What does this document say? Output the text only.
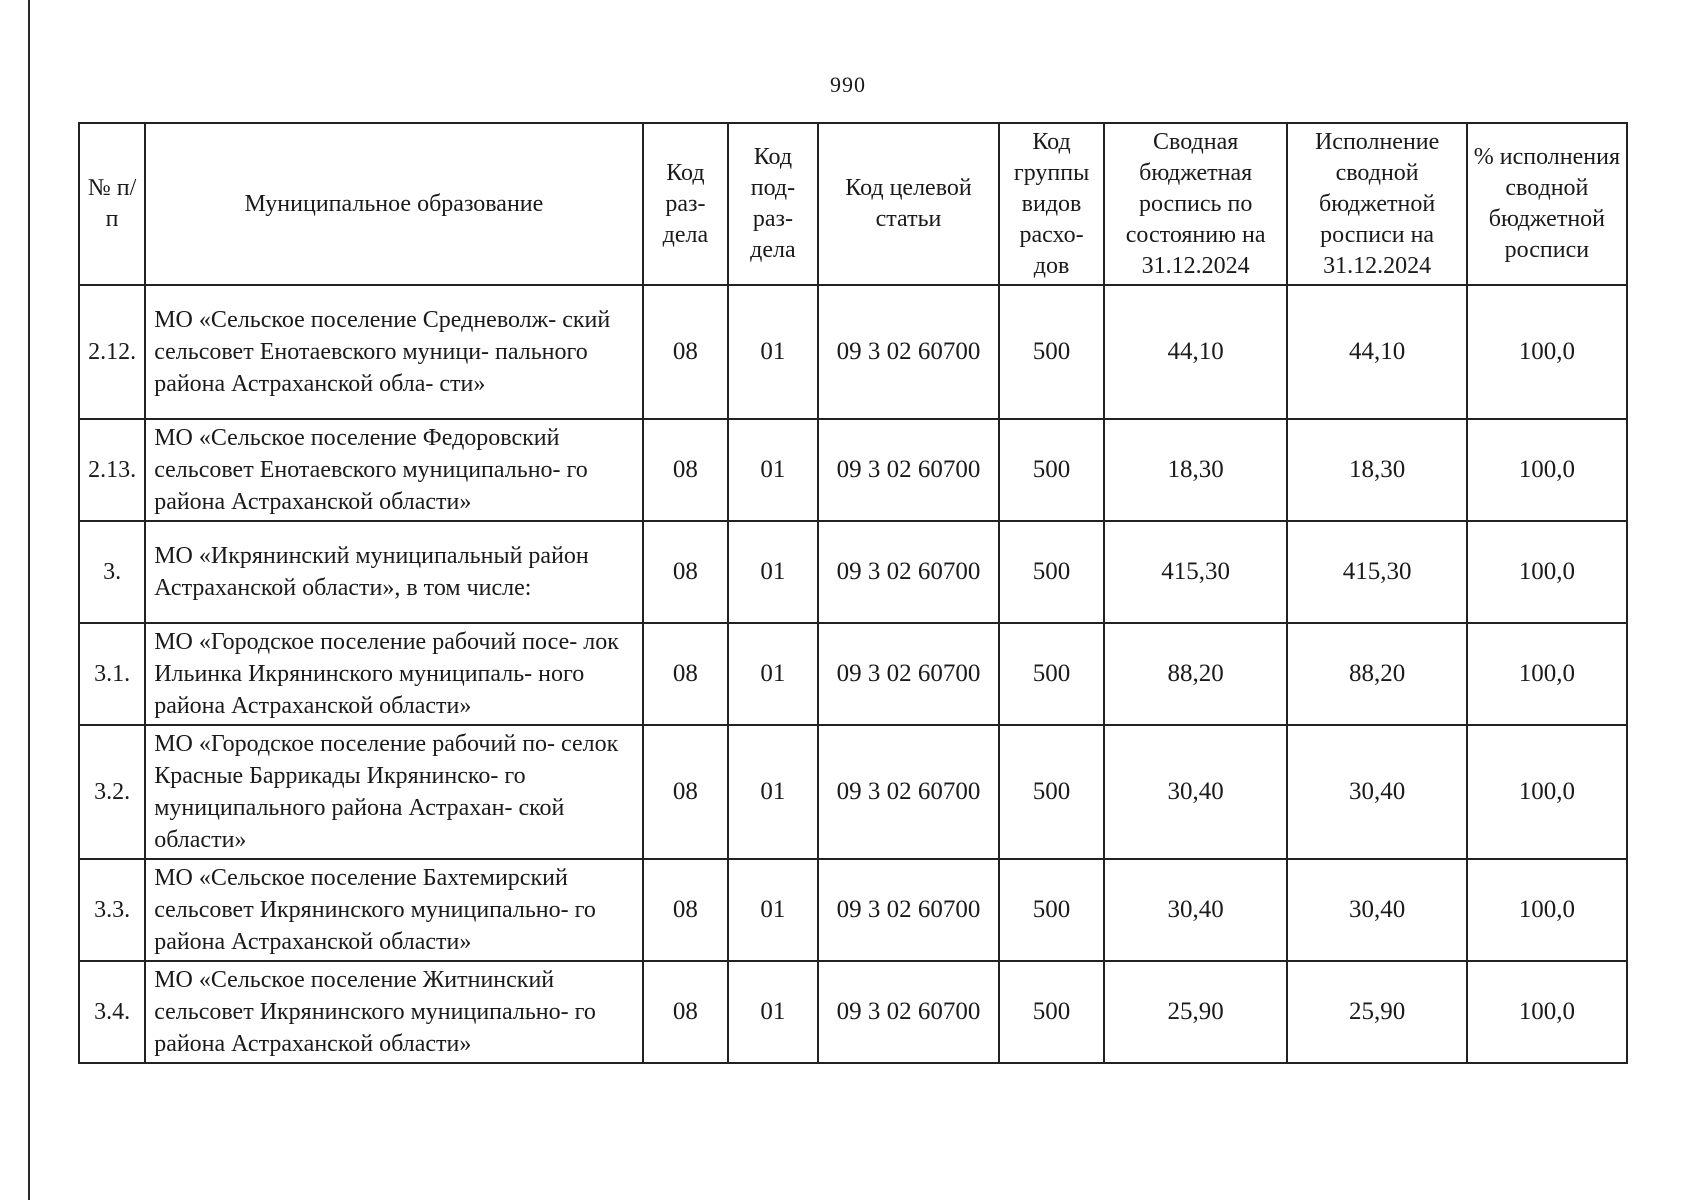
990
№ п/п	Муниципальное образование	Код раз- дела	Код под- раз- дела	Код целевой статьи	Код группы видов расхо- дов	Сводная бюджетная роспись по состоянию на 31.12.2024	Исполнение сводной бюджетной росписи на 31.12.2024	% исполнения сводной бюджетной росписи
2.12.	МО «Сельское поселение Средневолж- ский сельсовет Енотаевского муници- пального района Астраханской обла- сти»	08	01	09 3 02 60700	500	44,10	44,10	100,0
2.13.	МО «Сельское поселение Федоровский сельсовет Енотаевского муниципально- го района Астраханской области»	08	01	09 3 02 60700	500	18,30	18,30	100,0
3.	МО «Икрянинский муниципальный район Астраханской области», в том числе:	08	01	09 3 02 60700	500	415,30	415,30	100,0
3.1.	МО «Городское поселение рабочий посе- лок Ильинка Икрянинского муниципаль- ного района Астраханской области»	08	01	09 3 02 60700	500	88,20	88,20	100,0
3.2.	МО «Городское поселение рабочий по- селок Красные Баррикады Икрянинско- го муниципального района Астрахан- ской области»	08	01	09 3 02 60700	500	30,40	30,40	100,0
3.3.	МО «Сельское поселение Бахтемирский сельсовет Икрянинского муниципально- го района Астраханской области»	08	01	09 3 02 60700	500	30,40	30,40	100,0
3.4.	МО «Сельское поселение Житнинский сельсовет Икрянинского муниципально- го района Астраханской области»	08	01	09 3 02 60700	500	25,90	25,90	100,0
